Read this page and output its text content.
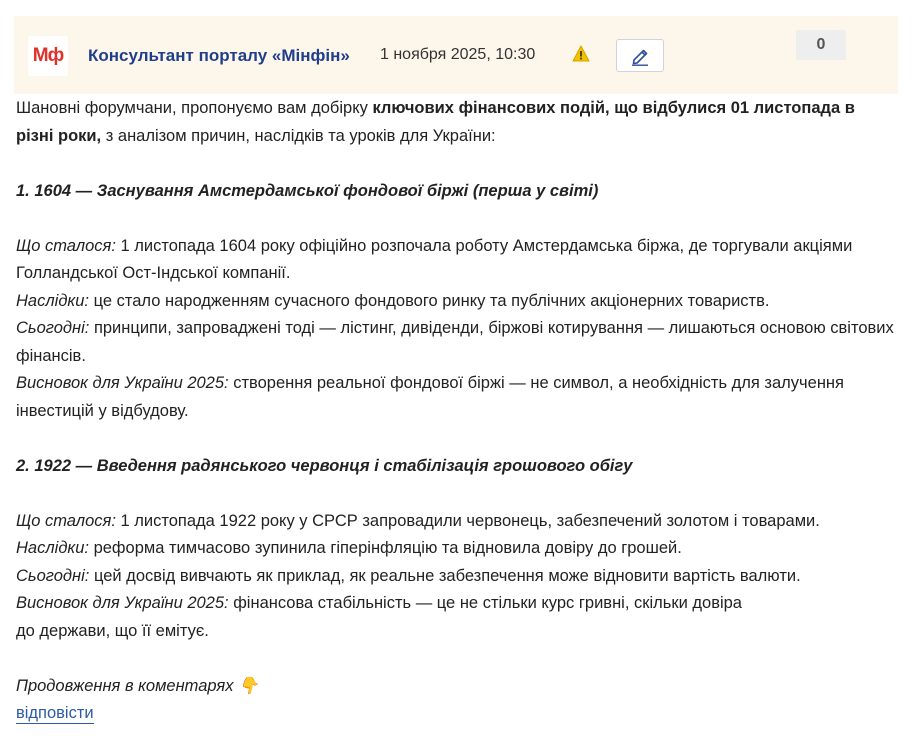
Мф Консультант порталу «Мінфін» 1 ноября 2025, 10:30
0

Шановні форумчани, пропонуємо вам добірку ключових фінансових подій, що відбулися 01 листопада в різні роки, з аналізом причин, наслідків та уроків для України:

1. 1604 — Заснування Амстердамської фондової біржі (перша у світі)

Що сталося: 1 листопада 1604 року офіційно розпочала роботу Амстердамська біржа, де торгували акціями Голландської Ост-Індської компанії.

Наслідки: це стало народженням сучасного фондового ринку та публічних акціонерних товариств.

Сьогодні: принципи, запроваджені тоді — лістинг, дивіденди, біржові котирування — лишаються основою світових фінансів.

Висновок для України 2025: створення реальної фондової біржі — не символ, а необхідність для залучення інвестицій у відбудову.

2. 1922 — Введення радянського червонця і стабілізація грошового обігу

Що сталося: 1 листопада 1922 року у СРСР запровадили червонець, забезпечений золотом і товарами.

Наслідки: реформа тимчасово зупинила гіперінфляцію та відновила довіру до грошей.

Сьогодні: цей досвід вивчають як приклад, як реальне забезпечення може відновити вартість валюти.

Висновок для України 2025: фінансова стабільність — це не стільки курс гривні, скільки довіра
до держави, що її емітує.

Продовження в коментарях 👇

відповісти
